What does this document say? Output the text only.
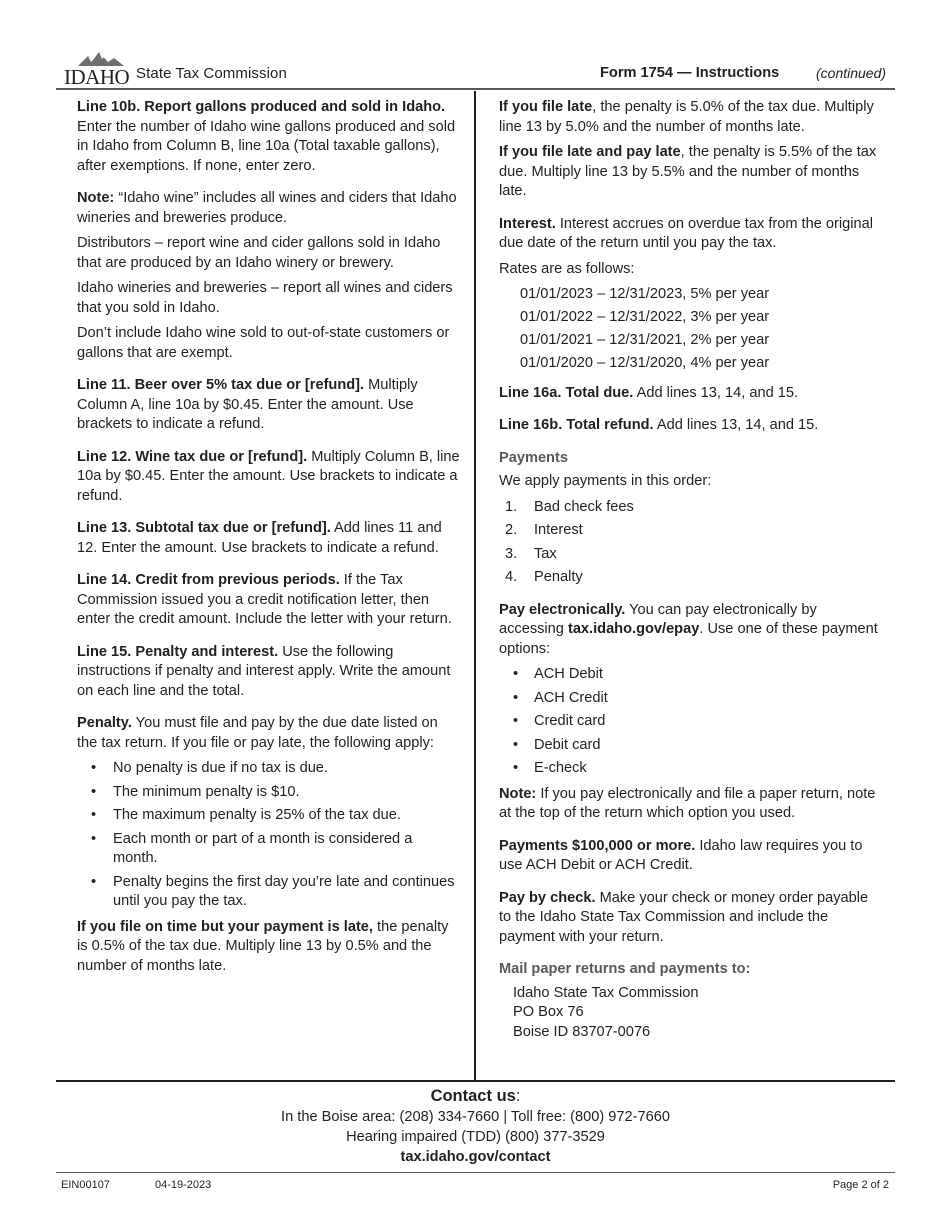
IDAHO State Tax Commission	Form 1754 — Instructions	(continued)

Line 10b. Report gallons produced and sold in Idaho. Enter the number of Idaho wine gallons produced and sold in Idaho from Column B, line 10a (Total taxable gallons), after exemptions. If none, enter zero.

Note: “Idaho wine” includes all wines and ciders that Idaho wineries and breweries produce.

Distributors – report wine and cider gallons sold in Idaho that are produced by an Idaho winery or brewery.

Idaho wineries and breweries – report all wines and ciders that you sold in Idaho.

Don’t include Idaho wine sold to out-of-state customers or gallons that are exempt.

Line 11. Beer over 5% tax due or [refund]. Multiply Column A, line 10a by $0.45. Enter the amount. Use brackets to indicate a refund.

Line 12. Wine tax due or [refund]. Multiply Column B, line 10a by $0.45. Enter the amount. Use brackets to indicate a refund.

Line 13. Subtotal tax due or [refund]. Add lines 11 and 12. Enter the amount. Use brackets to indicate a refund.

Line 14. Credit from previous periods. If the Tax Commission issued you a credit notification letter, then enter the credit amount. Include the letter with your return.

Line 15. Penalty and interest. Use the following instructions if penalty and interest apply. Write the amount on each line and the total.

Penalty. You must file and pay by the due date listed on the tax return. If you file or pay late, the following apply:

• No penalty is due if no tax is due.
• The minimum penalty is $10.
• The maximum penalty is 25% of the tax due.
• Each month or part of a month is considered a month.
• Penalty begins the first day you’re late and continues until you pay the tax.

If you file on time but your payment is late, the penalty is 0.5% of the tax due. Multiply line 13 by 0.5% and the number of months late.

If you file late, the penalty is 5.0% of the tax due. Multiply line 13 by 5.0% and the number of months late.

If you file late and pay late, the penalty is 5.5% of the tax due. Multiply line 13 by 5.5% and the number of months late.

Interest. Interest accrues on overdue tax from the original due date of the return until you pay the tax.

Rates are as follows:

01/01/2023 – 12/31/2023, 5% per year
01/01/2022 – 12/31/2022, 3% per year
01/01/2021 – 12/31/2021, 2% per year
01/01/2020 – 12/31/2020, 4% per year

Line 16a. Total due. Add lines 13, 14, and 15.

Line 16b. Total refund. Add lines 13, 14, and 15.

Payments

We apply payments in this order:

1. Bad check fees
2. Interest
3. Tax
4. Penalty

Pay electronically. You can pay electronically by accessing tax.idaho.gov/epay. Use one of these payment options:

• ACH Debit
• ACH Credit
• Credit card
• Debit card
• E-check

Note: If you pay electronically and file a paper return, note at the top of the return which option you used.

Payments $100,000 or more. Idaho law requires you to use ACH Debit or ACH Credit.

Pay by check. Make your check or money order payable to the Idaho State Tax Commission and include the payment with your return.

Mail paper returns and payments to:
Idaho State Tax Commission
PO Box 76
Boise ID 83707-0076
Contact us:
In the Boise area: (208) 334-7660 | Toll free: (800) 972-7660
Hearing impaired (TDD) (800) 377-3529
tax.idaho.gov/contact
EIN00107	04-19-2023	Page 2 of 2
